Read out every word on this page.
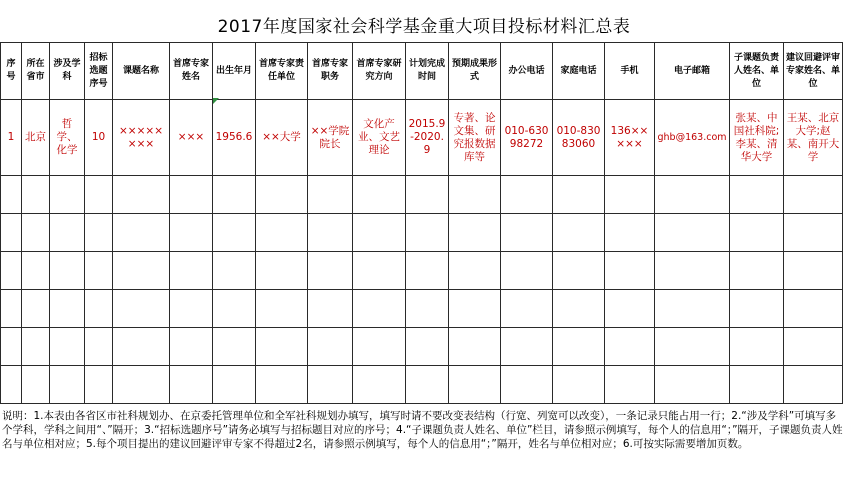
2017年度国家社会科学基金重大项目投标材料汇总表
序号	所在省市	涉及学科	招标选题序号	课题名称	首席专家姓名	出生年月	首席专家责任单位	首席专家职务	首席专家研究方向	计划完成时间	预期成果形式	办公电话	家庭电话	手机	电子邮箱	子课题负责人姓名、单位	建议回避评审专家姓名、单位

1	北京	哲学、化学	10	××××××××	×××	1956.6	××大学	××学院院长	文化产业、文艺理论	2015.9-2020.9	专著、论文集、研究报数据库等	010-63098272	010-83083060	136×××××	ghb@163.com	张某、中国社科院;李某、清华大学	王某、北京大学;赵某、南开大学

说明：1.本表由各省区市社科规划办、在京委托管理单位和全军社科规划办填写，填写时请不要改变表结构（行宽、列宽可以改变），一条记录只能占用一行；2.“涉及学科”可填写多个学科，学科之间用“、”隔开；3.“招标选题序号”请务必填写与招标题目对应的序号；4.“子课题负责人姓名、单位”栏目，请参照示例填写，每个人的信息用“；”隔开，子课题负责人姓名与单位相对应；5.每个项目提出的建议回避评审专家不得超过2名，请参照示例填写，每个人的信息用“；”隔开，姓名与单位相对应；6.可按实际需要增加页数。
